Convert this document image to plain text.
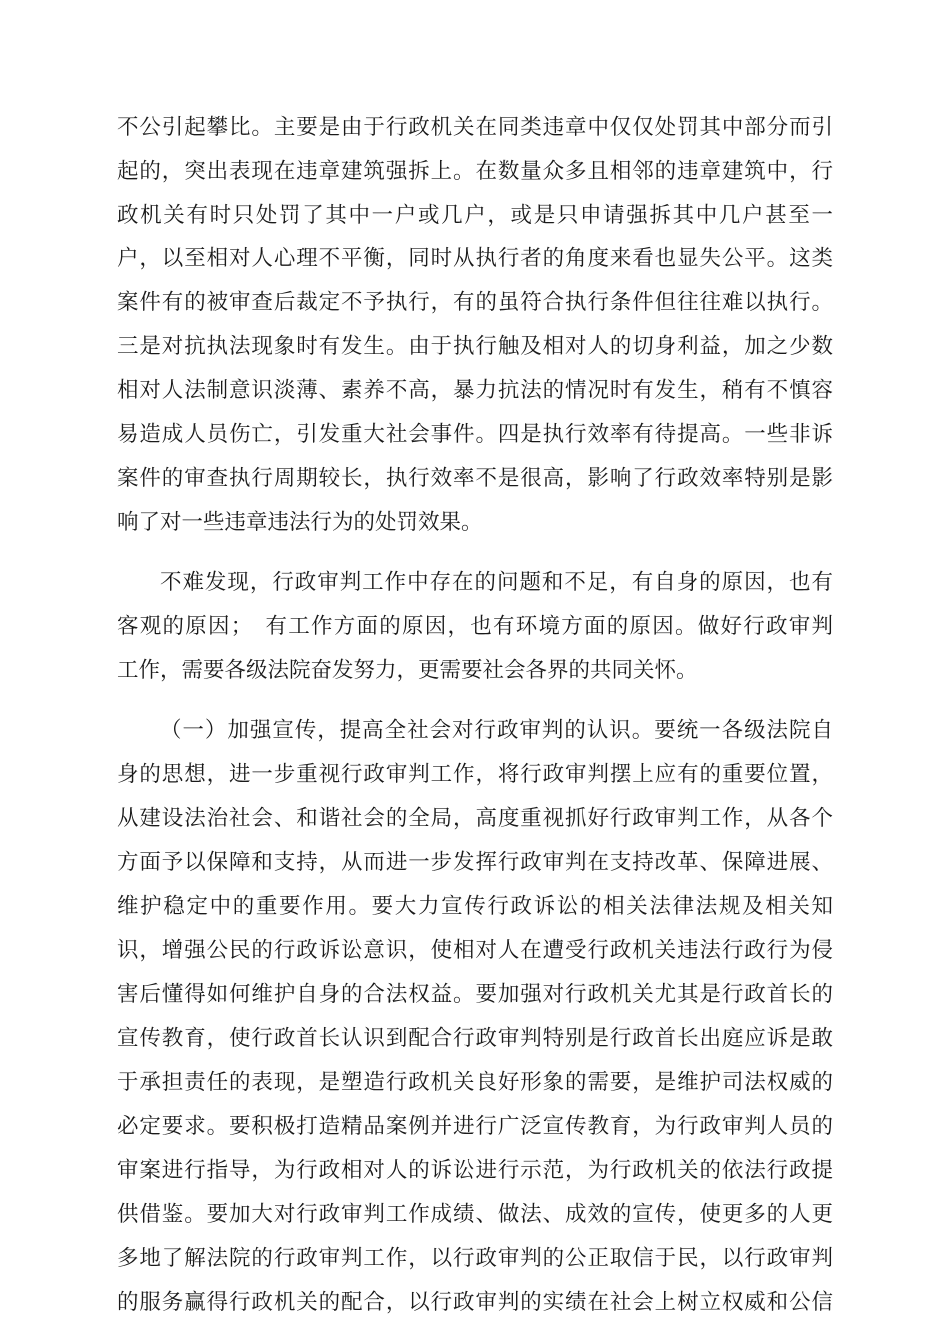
不公引起攀比。主要是由于行政机关在同类违章中仅仅处罚其中部分而引
起的，突出表现在违章建筑强拆上。在数量众多且相邻的违章建筑中，行
政机关有时只处罚了其中一户或几户，或是只申请强拆其中几户甚至一
户，以至相对人心理不平衡，同时从执行者的角度来看也显失公平。这类
案件有的被审查后裁定不予执行，有的虽符合执行条件但往往难以执行。
三是对抗执法现象时有发生。由于执行触及相对人的切身利益，加之少数
相对人法制意识淡薄、素养不高，暴力抗法的情况时有发生，稍有不慎容
易造成人员伤亡，引发重大社会事件。四是执行效率有待提高。一些非诉
案件的审查执行周期较长，执行效率不是很高，影响了行政效率特别是影
响了对一些违章违法行为的处罚效果。
不难发现，行政审判工作中存在的问题和不足，有自身的原因，也有
客观的原因；　有工作方面的原因，也有环境方面的原因。做好行政审判
工作，需要各级法院奋发努力，更需要社会各界的共同关怀。
（一）加强宣传，提高全社会对行政审判的认识。要统一各级法院自
身的思想，进一步重视行政审判工作，将行政审判摆上应有的重要位置，
从建设法治社会、和谐社会的全局，高度重视抓好行政审判工作，从各个
方面予以保障和支持，从而进一步发挥行政审判在支持改革、保障进展、
维护稳定中的重要作用。要大力宣传行政诉讼的相关法律法规及相关知
识，增强公民的行政诉讼意识，使相对人在遭受行政机关违法行政行为侵
害后懂得如何维护自身的合法权益。要加强对行政机关尤其是行政首长的
宣传教育，使行政首长认识到配合行政审判特别是行政首长出庭应诉是敢
于承担责任的表现，是塑造行政机关良好形象的需要，是维护司法权威的
必定要求。要积极打造精品案例并进行广泛宣传教育，为行政审判人员的
审案进行指导，为行政相对人的诉讼进行示范，为行政机关的依法行政提
供借鉴。要加大对行政审判工作成绩、做法、成效的宣传，使更多的人更
多地了解法院的行政审判工作，以行政审判的公正取信于民，以行政审判
的服务赢得行政机关的配合，以行政审判的实绩在社会上树立权威和公信
